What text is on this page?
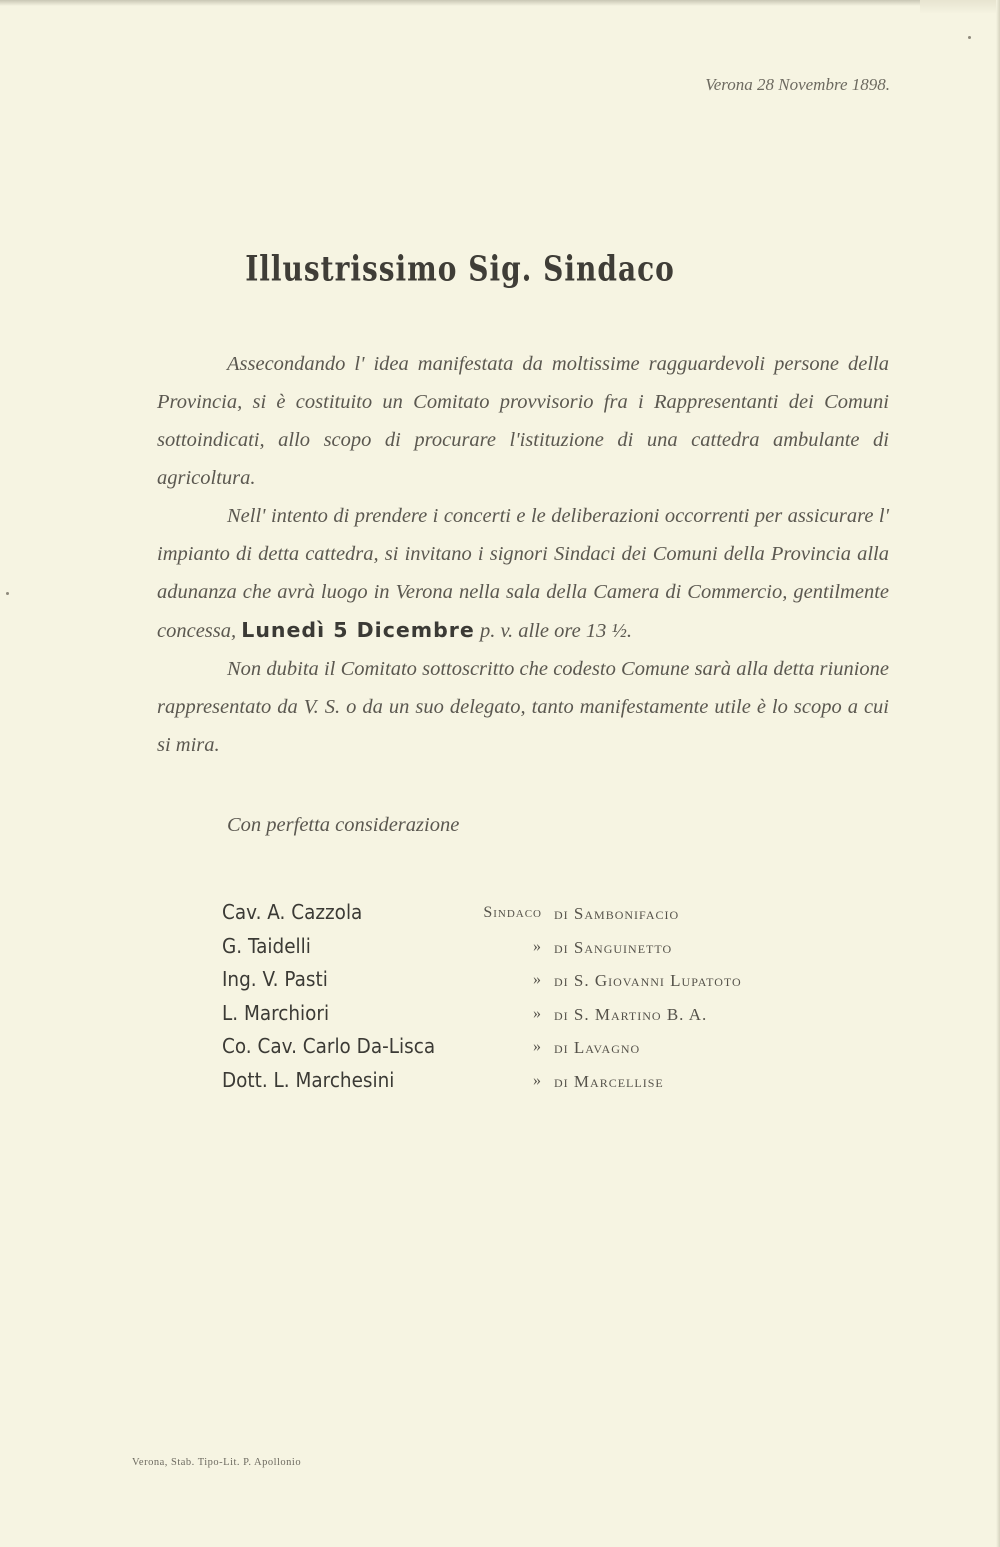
Verona 28 Novembre 1898.
Illustrissimo Sig. Sindaco

Assecondando l' idea manifestata da moltissime ragguardevoli persone della Provincia, si è costituito un Comitato provvisorio fra i Rappresentanti dei Comuni sottoindicati, allo scopo di procurare l'istituzione di una cattedra ambulante di agricoltura.

Nell' intento di prendere i concerti e le deliberazioni occorrenti per assicurare l' impianto di detta cattedra, si invitano i signori Sindaci dei Comuni della Provincia alla adunanza che avrà luogo in Verona nella sala della Camera di Commercio, gentilmente concessa, Lunedì 5 Dicembre p. v. alle ore 13 ½.

Non dubita il Comitato sottoscritto che codesto Comune sarà alla detta riunione rappresentato da V. S. o da un suo delegato, tanto manifestamente utile è lo scopo a cui si mira.

Con perfetta considerazione
Cav. A. Cazzola	Sindaco di Sambonifacio
G. Taidelli	» di Sanguinetto
Ing. V. Pasti	» di S. Giovanni Lupatoto
L. Marchiori	» di S. Martino B. A.
Co. Cav. Carlo Da-Lisca	» di Lavagno
Dott. L. Marchesini	» di Marcellise
Verona, Stab. Tipo-Lit. P. Apollonio
